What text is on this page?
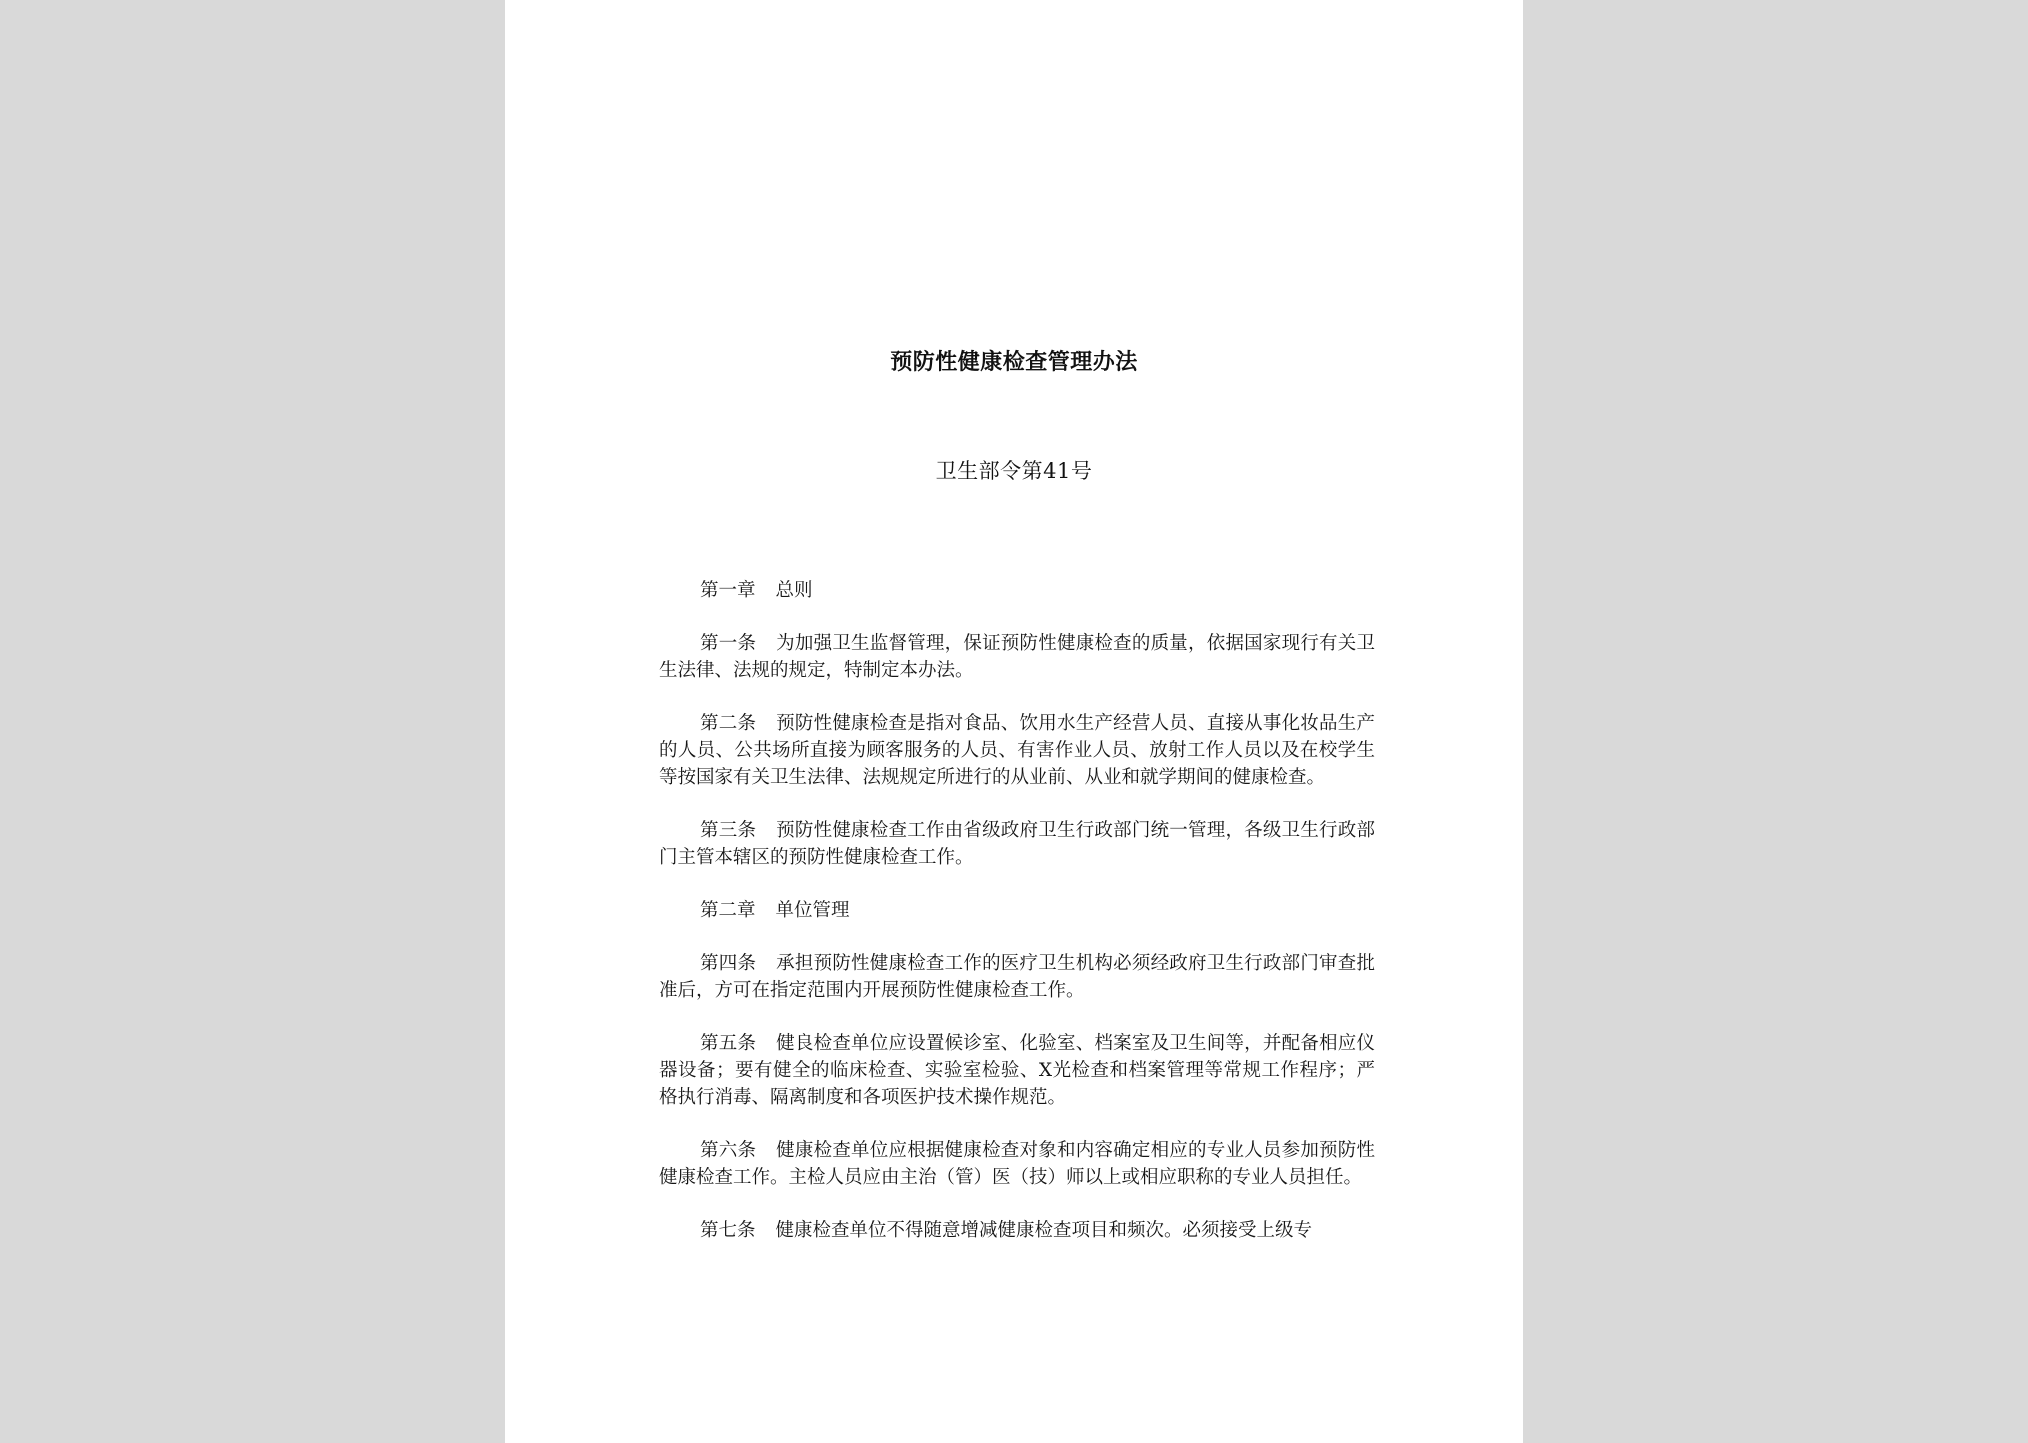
预防性健康检查管理办法
卫生部令第41号

第一章 总则

第一条 为加强卫生监督管理，保证预防性健康检查的质量，依据国家现行有关卫生法律、法规的规定，特制定本办法。

第二条 预防性健康检查是指对食品、饮用水生产经营人员、直接从事化妆品生产的人员、公共场所直接为顾客服务的人员、有害作业人员、放射工作人员以及在校学生等按国家有关卫生法律、法规规定所进行的从业前、从业和就学期间的健康检查。

第三条 预防性健康检查工作由省级政府卫生行政部门统一管理，各级卫生行政部门主管本辖区的预防性健康检查工作。

第二章 单位管理

第四条 承担预防性健康检查工作的医疗卫生机构必须经政府卫生行政部门审查批准后，方可在指定范围内开展预防性健康检查工作。

第五条 健良检查单位应设置候诊室、化验室、档案室及卫生间等，并配备相应仪器设备；要有健全的临床检查、实验室检验、X光检查和档案管理等常规工作程序；严格执行消毒、隔离制度和各项医护技术操作规范。

第六条 健康检查单位应根据健康检查对象和内容确定相应的专业人员参加预防性健康检查工作。主检人员应由主治（管）医（技）师以上或相应职称的专业人员担任。

第七条 健康检查单位不得随意增减健康检查项目和频次。必须接受上级专
